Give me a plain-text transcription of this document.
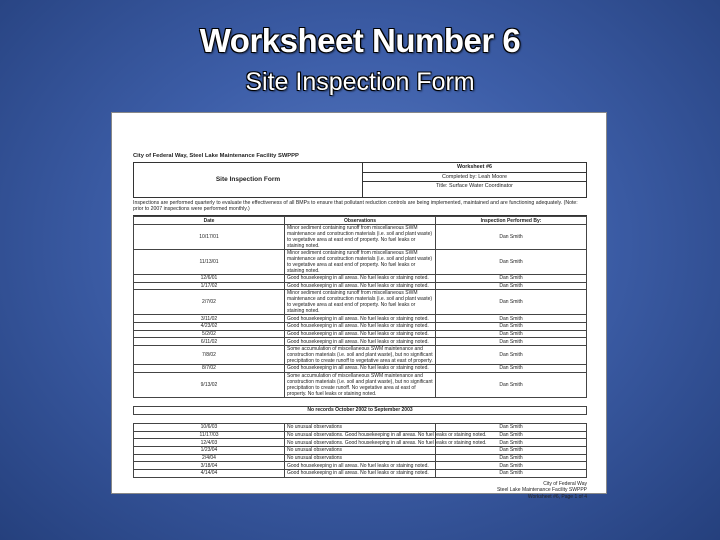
Worksheet Number 6
Site Inspection Form
City of Federal Way, Steel Lake Maintenance Facility SWPPP
Site Inspection Form
Worksheet #6
Completed by: Leah Moore
Title: Surface Water Coordinator
Inspections are performed quarterly to evaluate the effectiveness of all BMPs to ensure that pollutant reduction controls are being implemented, maintained and are functioning adequately. (Note: prior to 2007 inspections were performed monthly.)
Date	Observations	Inspection Performed By:
10/17/01	Minor sediment containing runoff from miscellaneous SWM maintenance and construction materials (i.e. soil and plant waste) to vegetative area at east end of property. No fuel leaks or staining noted.	Dan Smith
11/13/01	Minor sediment containing runoff from miscellaneous SWM maintenance and construction materials (i.e. soil and plant waste) to vegetative area at east end of property. No fuel leaks or staining noted.	Dan Smith
12/6/01	Good housekeeping in all areas. No fuel leaks or staining noted.	Dan Smith
1/17/02	Good housekeeping in all areas. No fuel leaks or staining noted.	Dan Smith
2/7/02	Minor sediment containing runoff from miscellaneous SWM maintenance and construction materials (i.e. soil and plant waste) to vegetative area at east end of property. No fuel leaks or staining noted.	Dan Smith
3/11/02	Good housekeeping in all areas. No fuel leaks or staining noted.	Dan Smith
4/23/02	Good housekeeping in all areas. No fuel leaks or staining noted.	Dan Smith
5/2/02	Good housekeeping in all areas. No fuel leaks or staining noted.	Dan Smith
6/11/02	Good housekeeping in all areas. No fuel leaks or staining noted.	Dan Smith
7/8/02	Some accumulation of miscellaneous SWM maintenance and construction materials (i.e. soil and plant waste), but no significant precipitation to create runoff to vegetative area at east of property.	Dan Smith
8/7/02	Good housekeeping in all areas. No fuel leaks or staining noted.	Dan Smith
9/13/02	Some accumulation of miscellaneous SWM maintenance and construction materials (i.e. soil and plant waste), but no significant precipitation to create runoff. No vegetative area at east of property. No fuel leaks or staining noted.	Dan Smith

No records October 2002 to September 2003		

10/6/03	No unusual observations	Dan Smith
11/17/03	No unusual observations. Good housekeeping in all areas. No fuel leaks or staining noted.	Dan Smith
12/4/03	No unusual observations. Good housekeeping in all areas. No fuel leaks or staining noted.	Dan Smith
1/23/04	No unusual observations	Dan Smith
2/4/04	No unusual observations	Dan Smith
3/18/04	Good housekeeping in all areas. No fuel leaks or staining noted.	Dan Smith
4/14/04	Good housekeeping in all areas. No fuel leaks or staining noted.	Dan Smith
City of Federal Way
Steel Lake Maintenance Facility SWPPP
Worksheet #6, Page 1 of 4
